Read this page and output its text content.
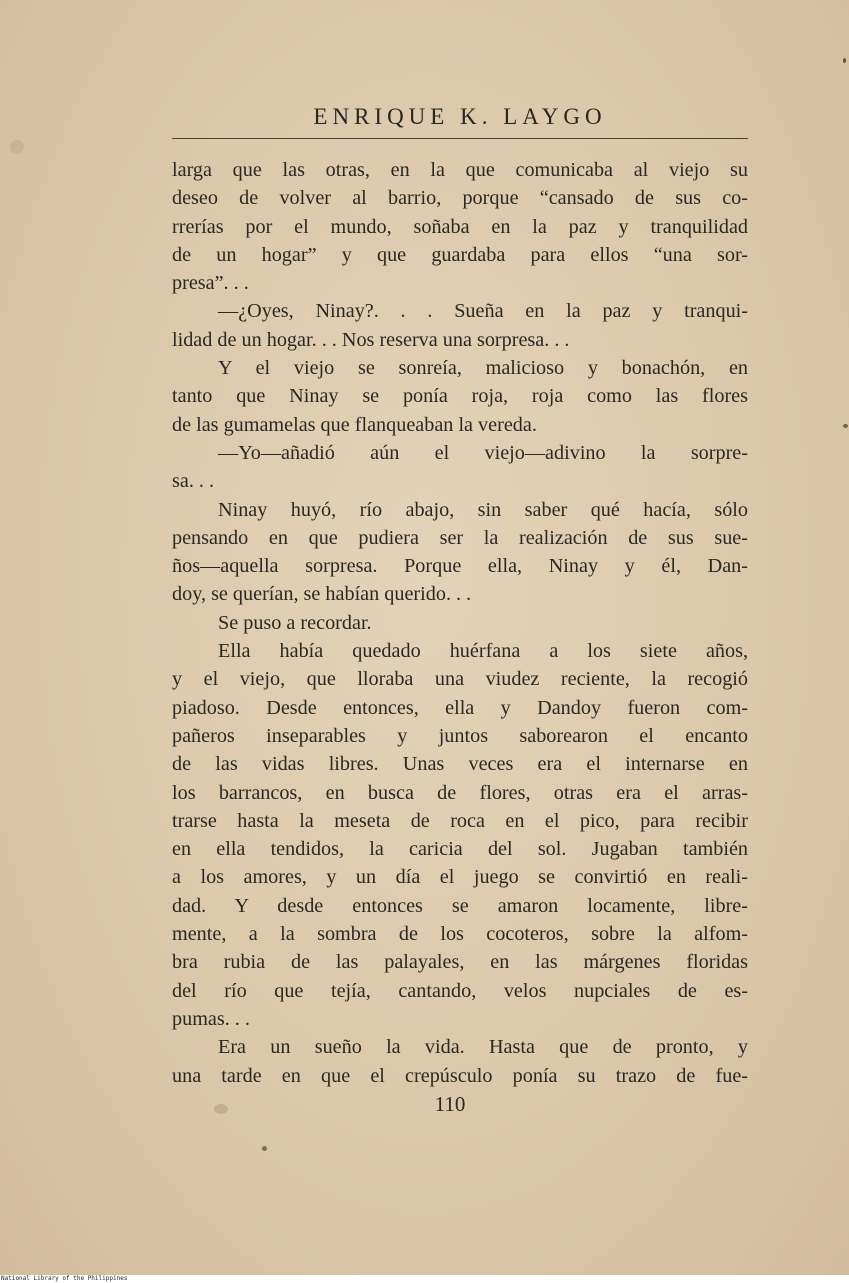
ENRIQUE K. LAYGO
larga que las otras, en la que comunicaba al viejo su
deseo de volver al barrio, porque “cansado de sus co-
rrerías por el mundo, soñaba en la paz y tranquilidad
de un hogar” y que guardaba para ellos “una sor-
presa”. . .
—¿Oyes, Ninay?. . . Sueña en la paz y tranqui-
lidad de un hogar. . . Nos reserva una sorpresa. . .
Y el viejo se sonreía, malicioso y bonachón, en
tanto que Ninay se ponía roja, roja como las flores
de las gumamelas que flanqueaban la vereda.
—Yo—añadió aún el viejo—adivino la sorpre-
sa. . .
Ninay huyó, río abajo, sin saber qué hacía, sólo
pensando en que pudiera ser la realización de sus sue-
ños—aquella sorpresa. Porque ella, Ninay y él, Dan-
doy, se querían, se habían querido. . .
Se puso a recordar.
Ella había quedado huérfana a los siete años,
y el viejo, que lloraba una viudez reciente, la recogió
piadoso. Desde entonces, ella y Dandoy fueron com-
pañeros inseparables y juntos saborearon el encanto
de las vidas libres. Unas veces era el internarse en
los barrancos, en busca de flores, otras era el arras-
trarse hasta la meseta de roca en el pico, para recibir
en ella tendidos, la caricia del sol. Jugaban también
a los amores, y un día el juego se convirtió en reali-
dad. Y desde entonces se amaron locamente, libre-
mente, a la sombra de los cocoteros, sobre la alfom-
bra rubia de las palayales, en las márgenes floridas
del río que tejía, cantando, velos nupciales de es-
pumas. . .
Era un sueño la vida. Hasta que de pronto, y
una tarde en que el crepúsculo ponía su trazo de fue-
110
National Library of the Philippines
